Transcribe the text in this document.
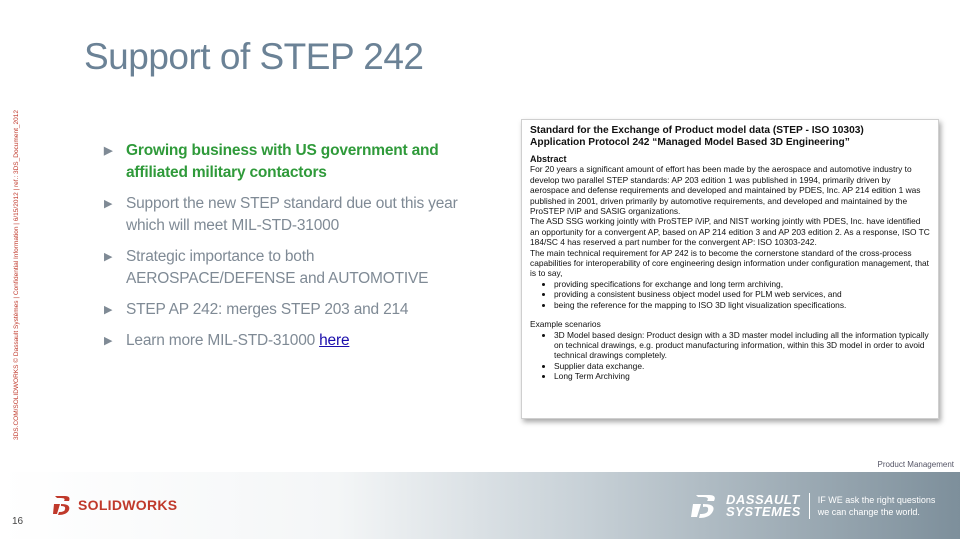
Support of STEP 242
3DS.COM/SOLIDWORKS © Dassault Systèmes | Confidential Information | 6/15/2012 | ref.: 3DS_Document_2012	▶ Growing business with US government and affiliated military contactors
▶ Support the new STEP standard due out this year which will meet MIL-STD-31000
▶ Strategic importance to both AEROSPACE/DEFENSE and AUTOMOTIVE
▶ STEP AP 242: merges STEP 203 and 214
▶ Learn more MIL-STD-31000 here
Standard for the Exchange of Product model data (STEP - ISO 10303)
Application Protocol 242 “Managed Model Based 3D Engineering”
Abstract
For 20 years a significant amount of effort has been made by the aerospace and automotive industry to develop two parallel STEP standards: AP 203 edition 1 was published in 1994, primarily driven by aerospace and defense requirements and developed and maintained by PDES, Inc. AP 214 edition 1 was published in 2001, driven primarily by automotive requirements, and developed and maintained by the ProSTEP iViP and SASIG organizations.
The ASD SSG working jointly with ProSTEP iViP, and NIST working jointly with PDES, Inc. have identified an opportunity for a convergent AP, based on AP 214 edition 3 and AP 203 edition 2. As a response, ISO TC 184/SC 4 has reserved a part number for the convergent AP: ISO 10303-242.
The main technical requirement for AP 242 is to become the cornerstone standard of the cross-process capabilities for interoperability of core engineering design information under configuration management, that is to say,
• providing specifications for exchange and long term archiving,
• providing a consistent business object model used for PLM web services, and
• being the reference for the mapping to ISO 3D light visualization specifications.
Example scenarios
• 3D Model based design: Product design with a 3D master model including all the information typically on technical drawings, e.g. product manufacturing information, within this 3D model in order to avoid technical drawings completely.
• Supplier data exchange.
• Long Term Archiving
Product Management
16
SOLIDWORKS	DASSAULT
SYSTEMES
IF WE ask the right questions
we can change the world.
